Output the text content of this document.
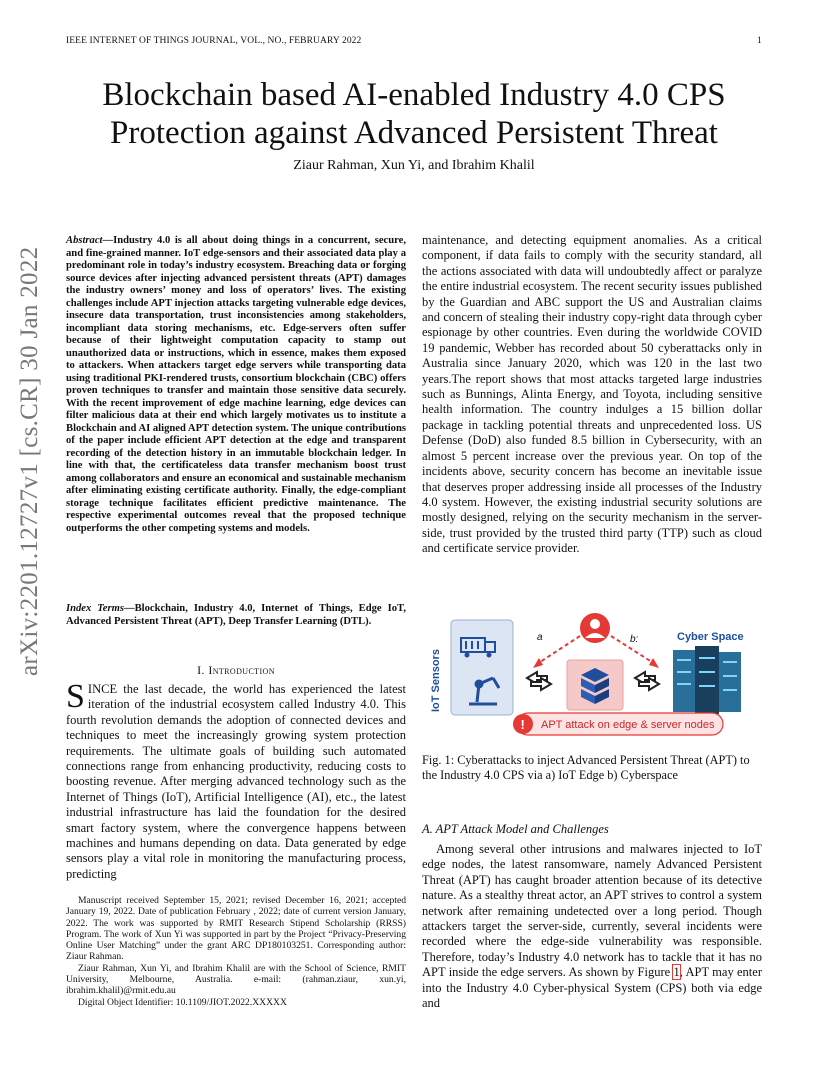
IEEE INTERNET OF THINGS JOURNAL, VOL., NO., FEBRUARY 2022	1
Blockchain based AI-enabled Industry 4.0 CPS
Protection against Advanced Persistent Threat
Ziaur Rahman, Xun Yi, and Ibrahim Khalil
arXiv:2201.12727v1 [cs.CR] 30 Jan 2022
Abstract—Industry 4.0 is all about doing things in a concurrent, secure, and fine-grained manner. IoT edge-sensors and their associated data play a predominant role in today’s industry ecosystem. Breaching data or forging source devices after injecting advanced persistent threats (APT) damages the industry owners’ money and loss of operators’ lives. The existing challenges include APT injection attacks targeting vulnerable edge devices, insecure data transportation, trust inconsistencies among stakeholders, incompliant data storing mechanisms, etc. Edge-servers often suffer because of their lightweight computation capacity to stamp out unauthorized data or instructions, which in essence, makes them exposed to attackers. When attackers target edge servers while transporting data using traditional PKI-rendered trusts, consortium blockchain (CBC) offers proven techniques to transfer and maintain those sensitive data securely. With the recent improvement of edge machine learning, edge devices can filter malicious data at their end which largely motivates us to institute a Blockchain and AI aligned APT detection system. The unique contributions of the paper include efficient APT detection at the edge and transparent recording of the detection history in an immutable blockchain ledger. In line with that, the certificateless data transfer mechanism boost trust among collaborators and ensure an economical and sustainable mechanism after eliminating existing certificate authority. Finally, the edge-compliant storage technique facilitates efficient predictive maintenance. The respective experimental outcomes reveal that the proposed technique outperforms the other competing systems and models.
Index Terms—Blockchain, Industry 4.0, Internet of Things, Edge IoT, Advanced Persistent Threat (APT), Deep Transfer Learning (DTL).
I. Introduction
SINCE the last decade, the world has experienced the latest iteration of the industrial ecosystem called Industry 4.0. This fourth revolution demands the adoption of connected devices and techniques to meet the increasingly growing system protection requirements. The ultimate goals of building such automated connections range from enhancing productivity, reducing costs to boosting revenue. After merging advanced technology such as the Internet of Things (IoT), Artificial Intelligence (AI), etc., the latest industrial infrastructure has laid the foundation for the desired smart factory system, where the convergence happens between machines and humans depending on data. Data generated by edge sensors play a vital role in monitoring the manufacturing process, predicting

Manuscript received September 15, 2021; revised December 16, 2021; accepted January 19, 2022. Date of publication February , 2022; date of current version January, 2022. The work was supported by RMIT Research Stipend Scholarship (RRSS) Program. The work of Xun Yi was supported in part by the Project “Privacy-Preserving Online User Matching” under the grant ARC DP180103251. Corresponding author: Ziaur Rahman.

Ziaur Rahman, Xun Yi, and Ibrahim Khalil are with the School of Science, RMIT University, Melbourne, Australia. e-mail: (rahman.ziaur, xun.yi, ibrahim.khalil)@rmit.edu.au

Digital Object Identifier: 10.1109/JIOT.2022.XXXXX

maintenance, and detecting equipment anomalies. As a critical component, if data fails to comply with the security standard, all the actions associated with data will undoubtedly affect or paralyze the entire industrial ecosystem. The recent security issues published by the Guardian and ABC support the US and Australian claims and concern of stealing their industry copy-right data through cyber espionage by other countries. Even during the worldwide COVID 19 pandemic, Webber has recorded about 50 cyberattacks only in Australia since January 2020, which was 120 in the last two years.The report shows that most attacks targeted large industries such as Bunnings, Alinta Energy, and Toyota, including sensitive health information. The country indulges a 15 billion dollar package in tackling potential threats and unprecedented loss. US Defense (DoD) also funded 8.5 billion in Cybersecurity, with an almost 5 percent increase over the previous year. On top of the incidents above, security concern has become an inevitable issue that deserves proper addressing inside all processes of the Industry 4.0 system. However, the existing industrial security solutions are mostly designed, relying on the security mechanism in the server-side, trust provided by the trusted third party (TTP) such as cloud and certificate service provider.
IoT Sensors
a	b:	Cyber Space
! APT attack on edge & server nodes
Fig. 1: Cyberattacks to inject Advanced Persistent Threat (APT) to the Industry 4.0 CPS via a) IoT Edge b) Cyberspace
A. APT Attack Model and Challenges
Among several other intrusions and malwares injected to IoT edge nodes, the latest ransomware, namely Advanced Persistent Threat (APT) has caught broader attention because of its detective nature. As a stealthy threat actor, an APT strives to control a system network after remaining undetected over a long period. Though attackers target the server-side, currently, several incidents were recorded where the edge-side vulnerability was responsible. Therefore, today’s Industry 4.0 network has to tackle that it has no APT inside the edge servers. As shown by Figure 1, APT may enter into the Industry 4.0 Cyber-physical System (CPS) both via edge and
